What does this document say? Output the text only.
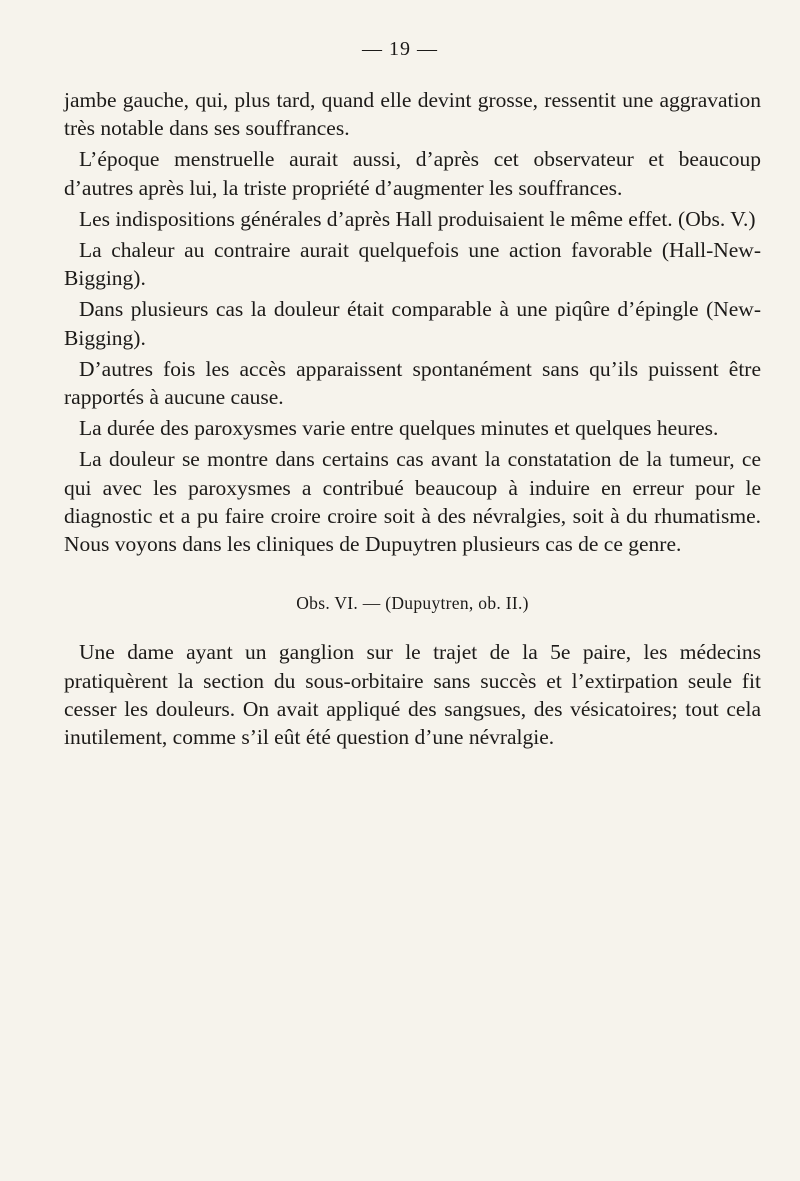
— 19 —

jambe gauche, qui, plus tard, quand elle devint grosse, ressentit une aggravation très notable dans ses souffrances.

L’époque menstruelle aurait aussi, d’après cet observateur et beaucoup d’autres après lui, la triste propriété d’augmenter les souffrances.

Les indispositions générales d’après Hall produisaient le même effet. (Obs. V.)

La chaleur au contraire aurait quelquefois une action favorable (Hall-New-Bigging).

Dans plusieurs cas la douleur était comparable à une piqûre d’épingle (New-Bigging).

D’autres fois les accès apparaissent spontanément sans qu’ils puissent être rapportés à aucune cause.

La durée des paroxysmes varie entre quelques minutes et quelques heures.

La douleur se montre dans certains cas avant la constatation de la tumeur, ce qui avec les paroxysmes a contribué beaucoup à induire en erreur pour le diagnostic et a pu faire croire croire soit à des névralgies, soit à du rhumatisme. Nous voyons dans les cliniques de Dupuytren plusieurs cas de ce genre.

Obs. VI. — (Dupuytren, ob. II.)

Une dame ayant un ganglion sur le trajet de la 5e paire, les médecins pratiquèrent la section du sous-orbitaire sans succès et l’extirpation seule fit cesser les douleurs. On avait appliqué des sangsues, des vésicatoires; tout cela inutilement, comme s’il eût été question d’une névralgie.
